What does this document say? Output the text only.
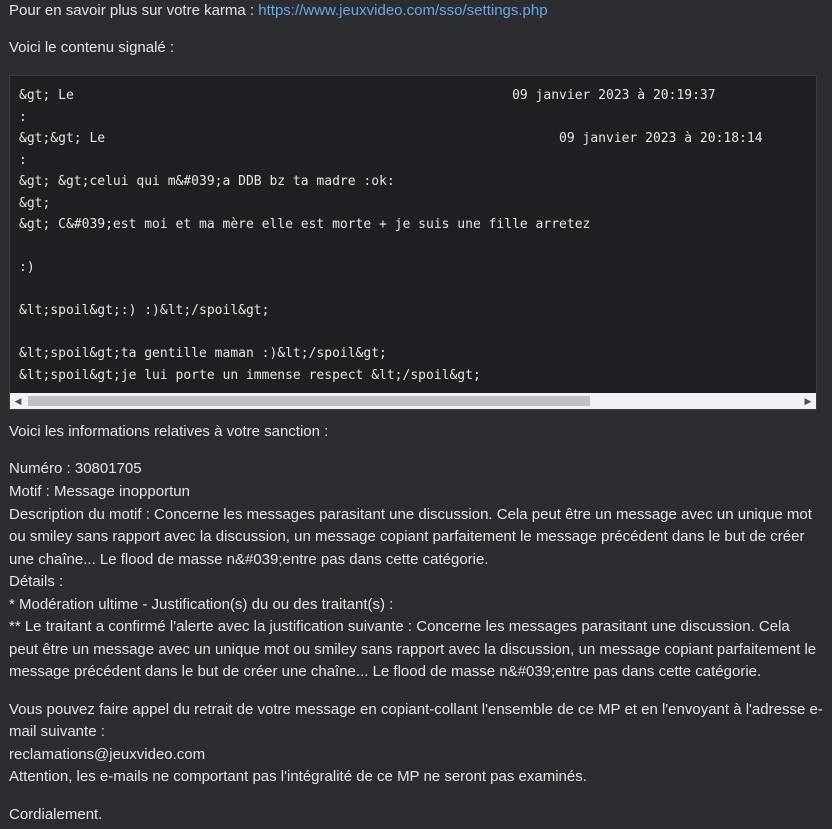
Pour en savoir plus sur votre karma : https://www.jeuxvideo.com/sso/settings.php
Voici le contenu signalé :
&gt; Le                                                        09 janvier 2023 à 20:19:37
:
&gt;&gt; Le                                                          09 janvier 2023 à 20:18:14
:
&gt; &gt;celui qui m&#039;a DDB bz ta madre :ok:
&gt;
&gt; C&#039;est moi et ma mère elle est morte + je suis une fille arretez
:)
&lt;spoil&gt;:) :)&lt;/spoil&gt;
&lt;spoil&gt;ta gentille maman :)&lt;/spoil&gt;
&lt;spoil&gt;je lui porte un immense respect &lt;/spoil&gt;
◀	▶
Voici les informations relatives à votre sanction :
Numéro : 30801705
Motif : Message inopportun
Description du motif : Concerne les messages parasitant une discussion. Cela peut être un message avec un unique mot
ou smiley sans rapport avec la discussion, un message copiant parfaitement le message précédent dans le but de créer
une chaîne... Le flood de masse n&#039;entre pas dans cette catégorie.
Détails :
* Modération ultime - Justification(s) du ou des traitant(s) :
** Le traitant a confirmé l'alerte avec la justification suivante : Concerne les messages parasitant une discussion. Cela
peut être un message avec un unique mot ou smiley sans rapport avec la discussion, un message copiant parfaitement le
message précédent dans le but de créer une chaîne... Le flood de masse n&#039;entre pas dans cette catégorie.
Vous pouvez faire appel du retrait de votre message en copiant-collant l'ensemble de ce MP et en l'envoyant à l'adresse e-
mail suivante :
reclamations@jeuxvideo.com
Attention, les e-mails ne comportant pas l'intégralité de ce MP ne seront pas examinés.
Cordialement.
